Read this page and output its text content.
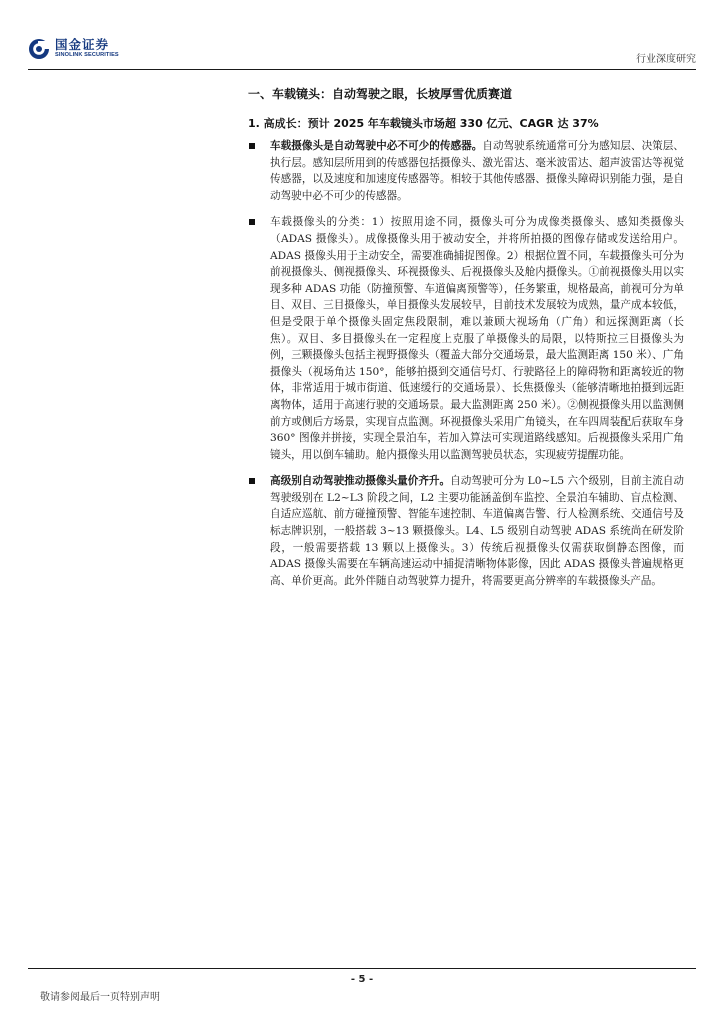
国金证券
SINOLINK SECURITIES	行业深度研究
一、车载镜头：自动驾驶之眼，长坡厚雪优质赛道
1. 高成长：预计 2025 年车载镜头市场超 330 亿元、CAGR 达 37%

车载摄像头是自动驾驶中必不可少的传感器。自动驾驶系统通常可分为感知层、决策层、执行层。感知层所用到的传感器包括摄像头、激光雷达、毫米波雷达、超声波雷达等视觉传感器，以及速度和加速度传感器等。相较于其他传感器、摄像头障碍识别能力强，是自动驾驶中必不可少的传感器。

车载摄像头的分类：1）按照用途不同，摄像头可分为成像类摄像头、感知类摄像头（ADAS 摄像头）。成像摄像头用于被动安全，并将所拍摄的图像存储或发送给用户。ADAS 摄像头用于主动安全，需要准确捕捉图像。2）根据位置不同，车载摄像头可分为前视摄像头、侧视摄像头、环视摄像头、后视摄像头及舱内摄像头。①前视摄像头用以实现多种 ADAS 功能（防撞预警、车道偏离预警等），任务繁重，规格最高，前视可分为单目、双目、三目摄像头，单目摄像头发展较早，目前技术发展较为成熟，量产成本较低，但是受限于单个摄像头固定焦段限制，难以兼顾大视场角（广角）和远探测距离（长焦）。双目、多目摄像头在一定程度上克服了单摄像头的局限，以特斯拉三目摄像头为例，三颗摄像头包括主视野摄像头（覆盖大部分交通场景，最大监测距离 150 米）、广角摄像头（视场角达 150°，能够拍摄到交通信号灯、行驶路径上的障碍物和距离较近的物体，非常适用于城市街道、低速缓行的交通场景）、长焦摄像头（能够清晰地拍摄到远距离物体，适用于高速行驶的交通场景。最大监测距离 250 米）。②侧视摄像头用以监测侧前方或侧后方场景，实现盲点监测。环视摄像头采用广角镜头，在车四周装配后获取车身 360° 图像并拼接，实现全景泊车，若加入算法可实现道路线感知。后视摄像头采用广角镜头，用以倒车辅助。舱内摄像头用以监测驾驶员状态，实现疲劳提醒功能。

高级别自动驾驶推动摄像头量价齐升。自动驾驶可分为 L0~L5 六个级别，目前主流自动驾驶级别在 L2~L3 阶段之间，L2 主要功能涵盖倒车监控、全景泊车辅助、盲点检测、自适应巡航、前方碰撞预警、智能车速控制、车道偏离告警、行人检测系统、交通信号及标志牌识别，一般搭载 3~13 颗摄像头。L4、L5 级别自动驾驶 ADAS 系统尚在研发阶段，一般需要搭载 13 颗以上摄像头。3）传统后视摄像头仅需获取倒静态图像，而 ADAS 摄像头需要在车辆高速运动中捕捉清晰物体影像，因此 ADAS 摄像头普遍规格更高、单价更高。此外伴随自动驾驶算力提升，将需要更高分辨率的车载摄像头产品。

- 5 -
敬请参阅最后一页特别声明
